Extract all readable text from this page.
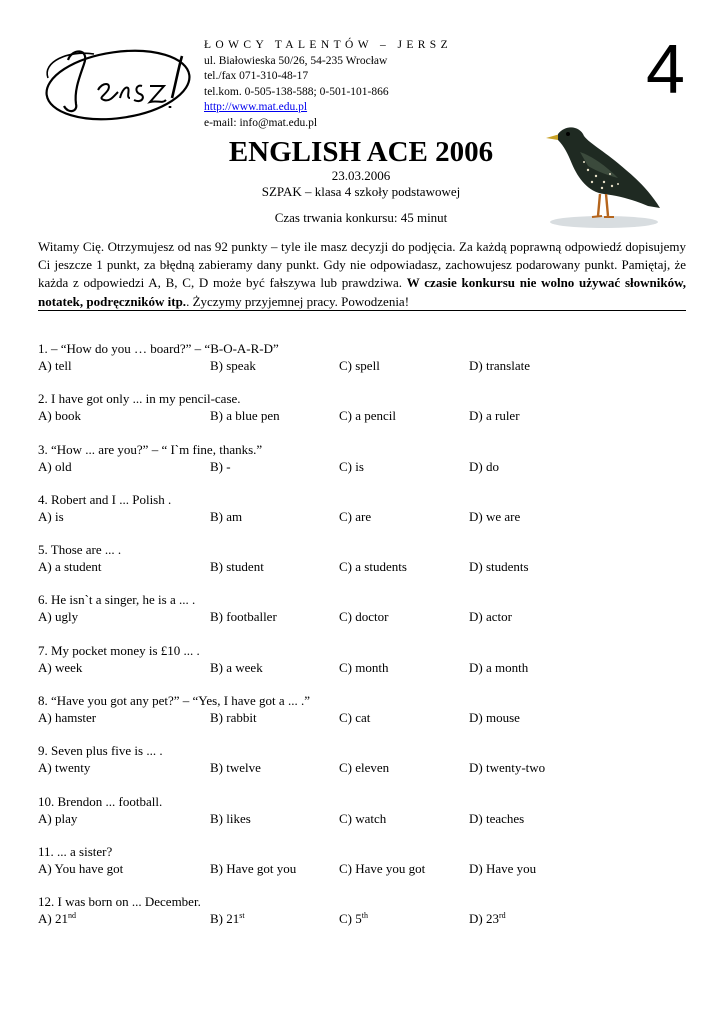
ŁOWCY TALENTÓW – JERSZ
ul. Białowieska 50/26, 54-235 Wrocław
tel./fax 071-310-48-17
tel.kom. 0-505-138-588; 0-501-101-866
http://www.mat.edu.pl
e-mail: info@mat.edu.pl
4
ENGLISH ACE 2006
23.03.2006
SZPAK – klasa 4 szkoły podstawowej
Czas trwania konkursu: 45 minut
Witamy Cię. Otrzymujesz od nas 92 punkty – tyle ile masz decyzji do podjęcia. Za każdą poprawną odpowiedź dopisujemy Ci jeszcze 1 punkt, za błędną zabieramy dany punkt. Gdy nie odpowiadasz, zachowujesz podarowany punkt. Pamiętaj, że każda z odpowiedzi A, B, C, D może być fałszywa lub prawdziwa. W czasie konkursu nie wolno używać słowników, notatek, podręczników itp.. Życzymy przyjemnej pracy. Powodzenia!
1. – “How do you … board?” – “B-O-A-R-D”
A) tell	B) speak	C) spell	D) translate
2. I have got only ... in my pencil-case.
A) book	B) a blue pen	C) a pencil	D) a ruler
3. “How ... are you?” – “ I`m fine, thanks.”
A) old	B) -	C) is	D) do
4. Robert and I ... Polish .
A) is	B) am	C) are	D) we are
5. Those are ... .
A) a student	B) student	C) a students	D) students
6. He isn`t a singer, he is a ... .
A) ugly	B) footballer	C) doctor	D) actor
7. My pocket money is £10 ... .
A) week	B) a week	C) month	D) a month
8. “Have you got any pet?” – “Yes, I have got a ... .”
A) hamster	B) rabbit	C) cat	D) mouse
9. Seven plus five is ... .
A) twenty	B) twelve	C) eleven	D) twenty-two
10. Brendon ... football.
A) play	B) likes	C) watch	D) teaches
11. ... a sister?
A) You have got	B) Have got you	C) Have you got	D) Have you
12. I was born on ... December.
A) 21nd	B) 21st	C) 5th	D) 23rd
